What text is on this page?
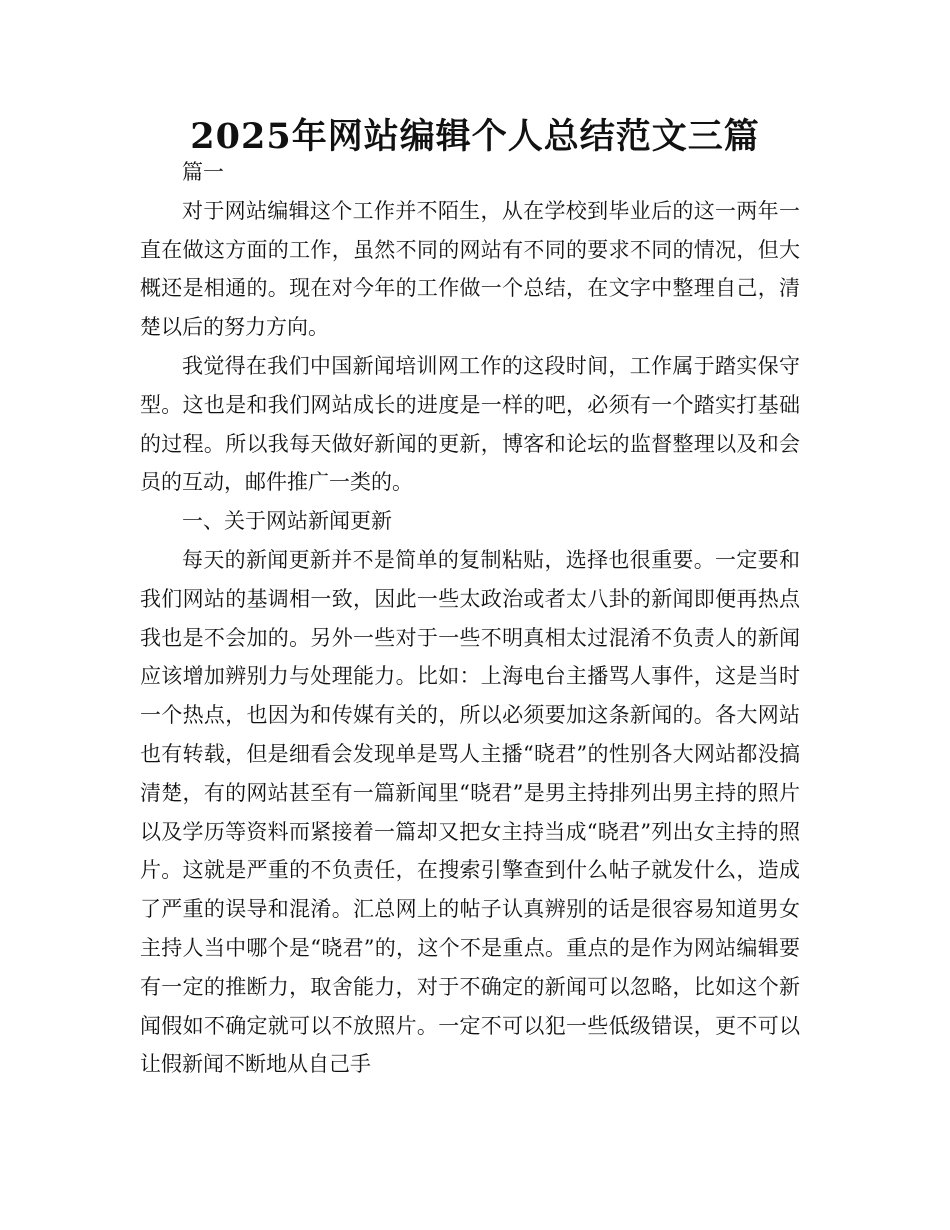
2025年网站编辑个人总结范文三篇

篇一

对于网站编辑这个工作并不陌生，从在学校到毕业后的这一两年一直在做这方面的工作，虽然不同的网站有不同的要求不同的情况，但大概还是相通的。现在对今年的工作做一个总结，在文字中整理自己，清楚以后的努力方向。

我觉得在我们中国新闻培训网工作的这段时间，工作属于踏实保守型。这也是和我们网站成长的进度是一样的吧，必须有一个踏实打基础的过程。所以我每天做好新闻的更新，博客和论坛的监督整理以及和会员的互动，邮件推广一类的。

一、关于网站新闻更新

每天的新闻更新并不是简单的复制粘贴，选择也很重要。一定要和我们网站的基调相一致，因此一些太政治或者太八卦的新闻即便再热点我也是不会加的。另外一些对于一些不明真相太过混淆不负责人的新闻应该增加辨别力与处理能力。比如：上海电台主播骂人事件，这是当时一个热点，也因为和传媒有关的，所以必须要加这条新闻的。各大网站也有转载，但是细看会发现单是骂人主播“晓君”的性别各大网站都没搞清楚，有的网站甚至有一篇新闻里“晓君”是男主持排列出男主持的照片以及学历等资料而紧接着一篇却又把女主持当成“晓君”列出女主持的照片。这就是严重的不负责任，在搜索引擎查到什么帖子就发什么，造成了严重的误导和混淆。汇总网上的帖子认真辨别的话是很容易知道男女主持人当中哪个是“晓君”的，这个不是重点。重点的是作为网站编辑要有一定的推断力，取舍能力，对于不确定的新闻可以忽略，比如这个新闻假如不确定就可以不放照片。一定不可以犯一些低级错误，更不可以让假新闻不断地从自己手
